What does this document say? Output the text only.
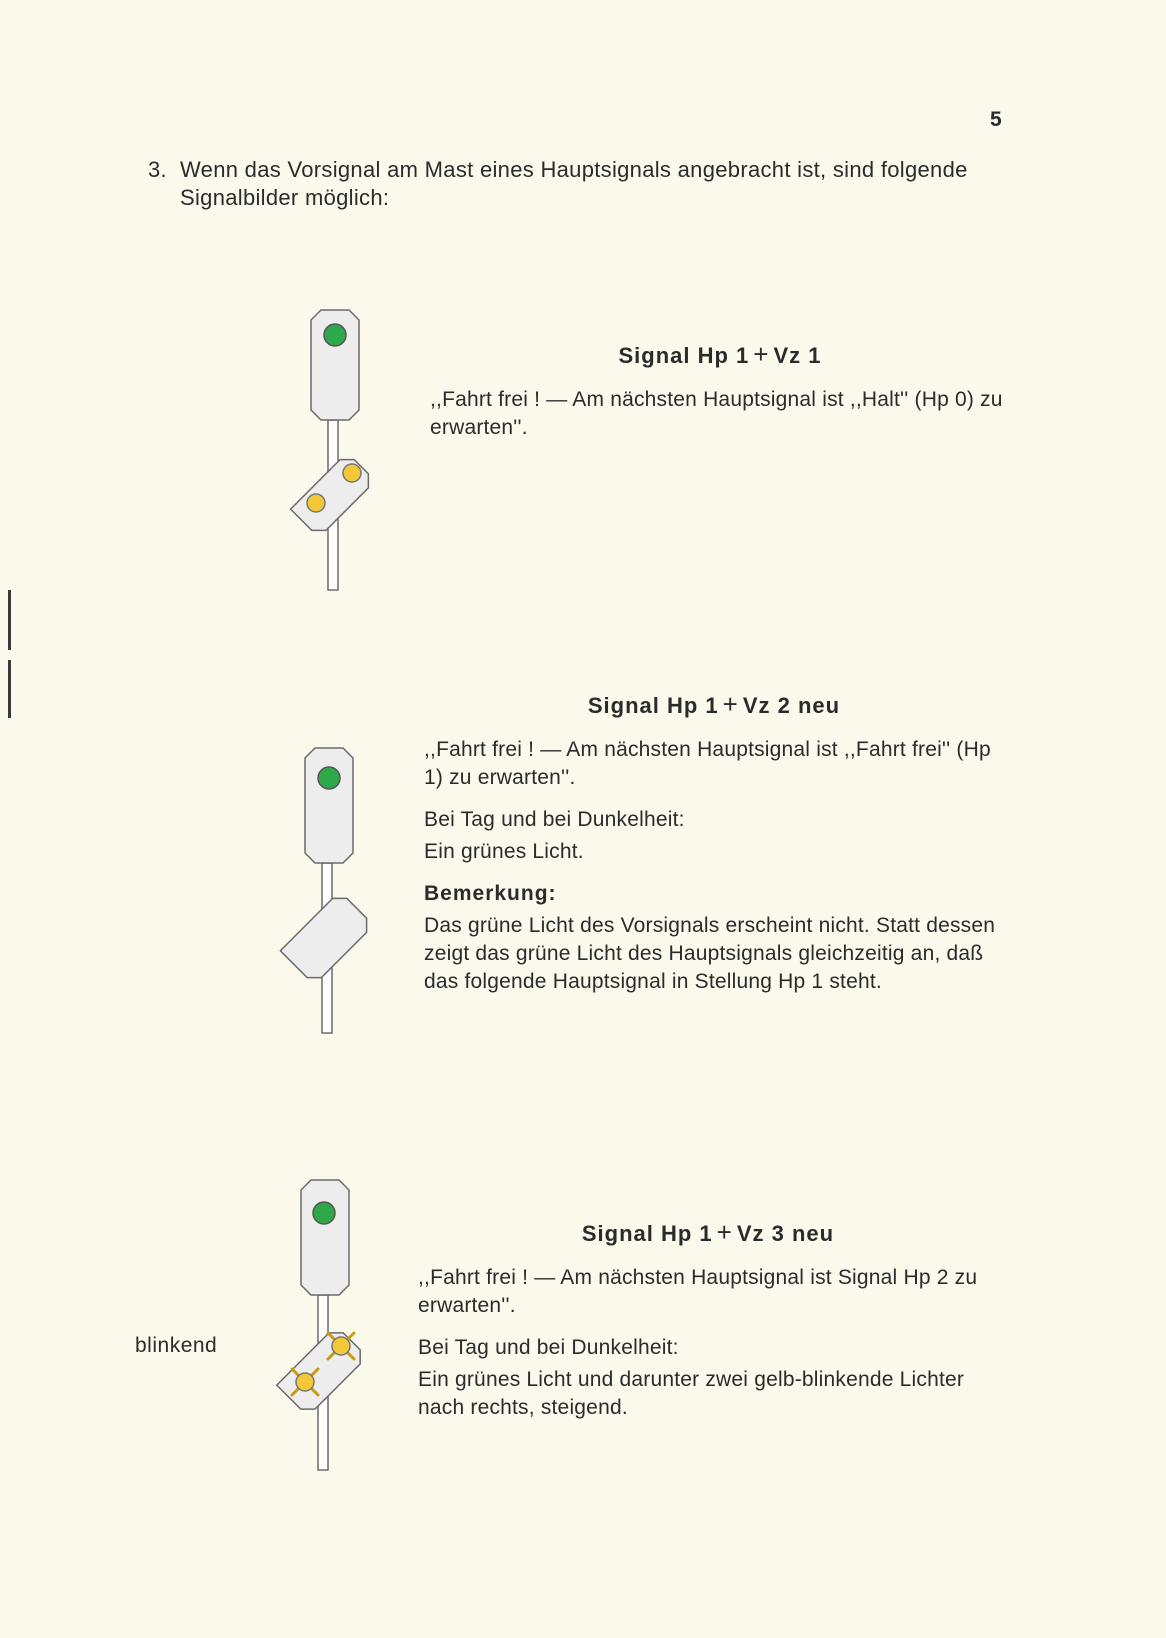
5
3. Wenn das Vorsignal am Mast eines Hauptsignals angebracht ist, sind folgende Signalbilder möglich:
Signal Hp 1 + Vz 1
,,Fahrt frei ! — Am nächsten Hauptsignal ist ,,Halt'' (Hp 0) zu erwarten''.
Signal Hp 1 + Vz 2 neu
,,Fahrt frei ! — Am nächsten Hauptsignal ist ,,Fahrt frei'' (Hp 1) zu erwarten''.
Bei Tag und bei Dunkelheit:
Ein grünes Licht.
Bemerkung:
Das grüne Licht des Vorsignals erscheint nicht. Statt dessen zeigt das grüne Licht des Hauptsignals gleichzeitig an, daß das folgende Hauptsignal in Stellung Hp 1 steht.
blinkend
Signal Hp 1 + Vz 3 neu
,,Fahrt frei ! — Am nächsten Hauptsignal ist Signal Hp 2 zu erwarten''.
Bei Tag und bei Dunkelheit:
Ein grünes Licht und darunter zwei gelb-blinkende Lichter nach rechts, steigend.
